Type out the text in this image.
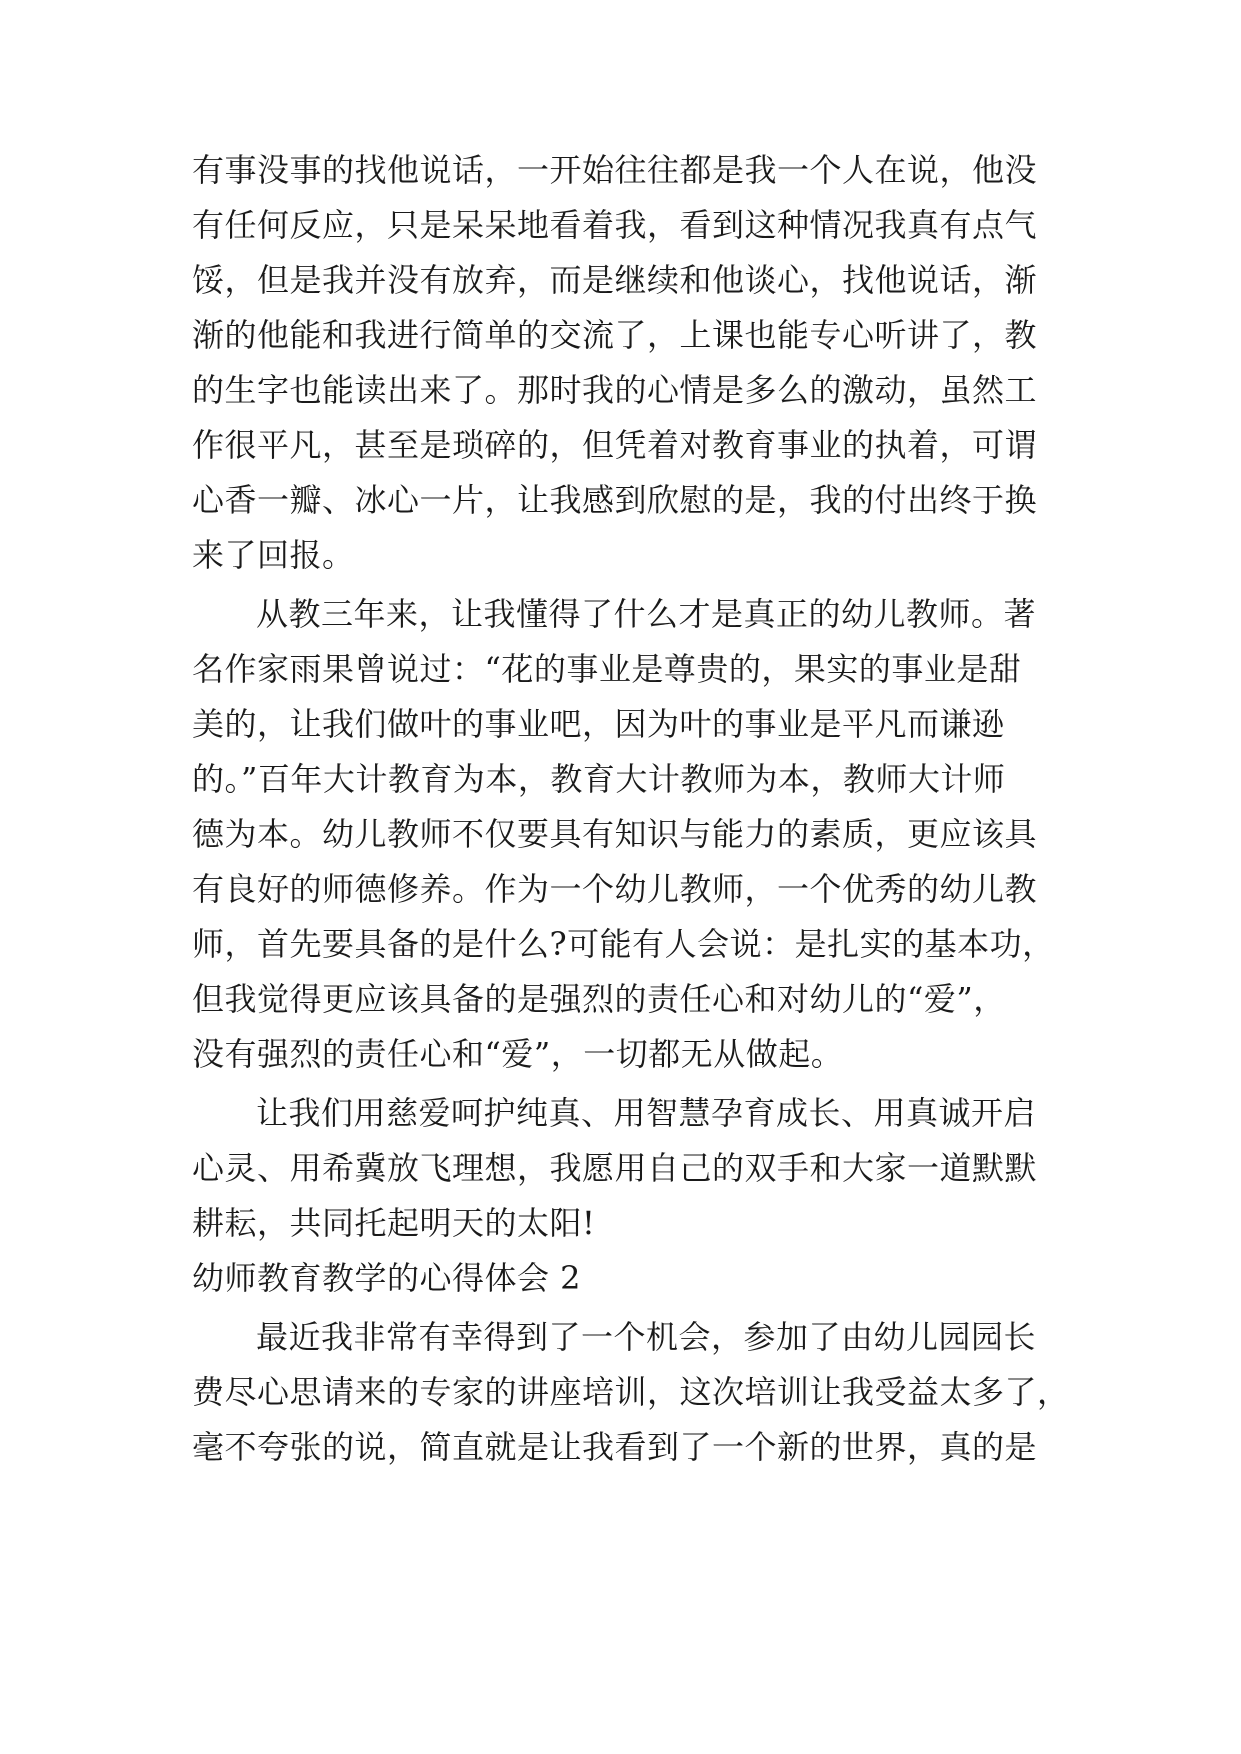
有事没事的找他说话，一开始往往都是我一个人在说，他没
有任何反应，只是呆呆地看着我，看到这种情况我真有点气
馁，但是我并没有放弃，而是继续和他谈心，找他说话，渐
渐的他能和我进行简单的交流了，上课也能专心听讲了，教
的生字也能读出来了。那时我的心情是多么的激动，虽然工
作很平凡，甚至是琐碎的，但凭着对教育事业的执着，可谓
心香一瓣、冰心一片，让我感到欣慰的是，我的付出终于换
来了回报。
从教三年来，让我懂得了什么才是真正的幼儿教师。著
名作家雨果曾说过：“花的事业是尊贵的，果实的事业是甜
美的，让我们做叶的事业吧，因为叶的事业是平凡而谦逊
的。”百年大计教育为本，教育大计教师为本，教师大计师
德为本。幼儿教师不仅要具有知识与能力的素质，更应该具
有良好的师德修养。作为一个幼儿教师，一个优秀的幼儿教
师，首先要具备的是什么?可能有人会说：是扎实的基本功，
但我觉得更应该具备的是强烈的责任心和对幼儿的“爱”，
没有强烈的责任心和“爱”，一切都无从做起。
让我们用慈爱呵护纯真、用智慧孕育成长、用真诚开启
心灵、用希冀放飞理想，我愿用自己的双手和大家一道默默
耕耘，共同托起明天的太阳!
幼师教育教学的心得体会 2
最近我非常有幸得到了一个机会，参加了由幼儿园园长
费尽心思请来的专家的讲座培训，这次培训让我受益太多了，
毫不夸张的说，简直就是让我看到了一个新的世界，真的是
